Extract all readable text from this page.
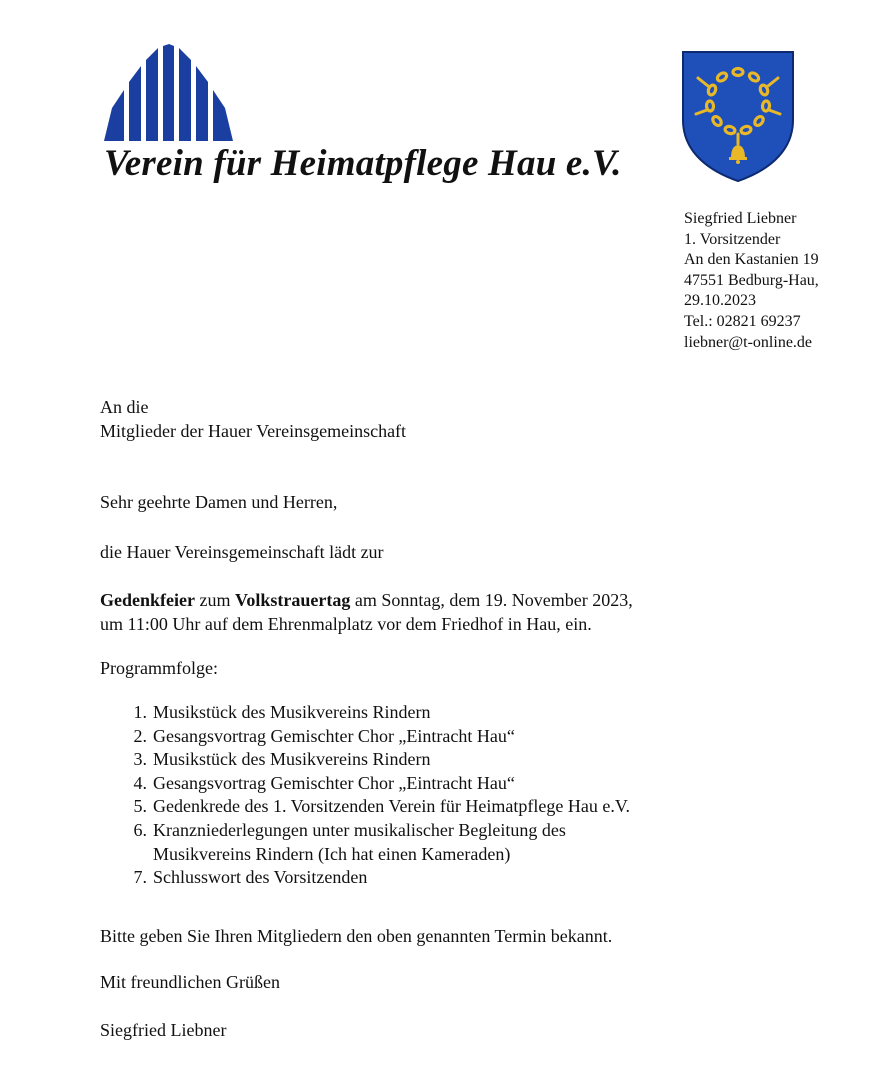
Verein für Heimatpflege Hau e.V.
Siegfried Liebner
1. Vorsitzender
An den Kastanien 19
47551 Bedburg-Hau,
29.10.2023
Tel.: 02821 69237
liebner@t-online.de
An die
Mitglieder der Hauer Vereinsgemeinschaft
Sehr geehrte Damen und Herren,
die Hauer Vereinsgemeinschaft lädt zur
Gedenkfeier zum Volkstrauertag am Sonntag, dem 19. November 2023,
um 11:00 Uhr auf dem Ehrenmalplatz vor dem Friedhof in Hau, ein.
Programmfolge:
1. Musikstück des Musikvereins Rindern
2. Gesangsvortrag Gemischter Chor „Eintracht Hau“
3. Musikstück des Musikvereins Rindern
4. Gesangsvortrag Gemischter Chor „Eintracht Hau“
5. Gedenkrede des 1. Vorsitzenden Verein für Heimatpflege Hau e.V.
6. Kranzniederlegungen unter musikalischer Begleitung des
Musikvereins Rindern (Ich hat einen Kameraden)
7. Schlusswort des Vorsitzenden
Bitte geben Sie Ihren Mitgliedern den oben genannten Termin bekannt.
Mit freundlichen Grüßen
Siegfried Liebner
